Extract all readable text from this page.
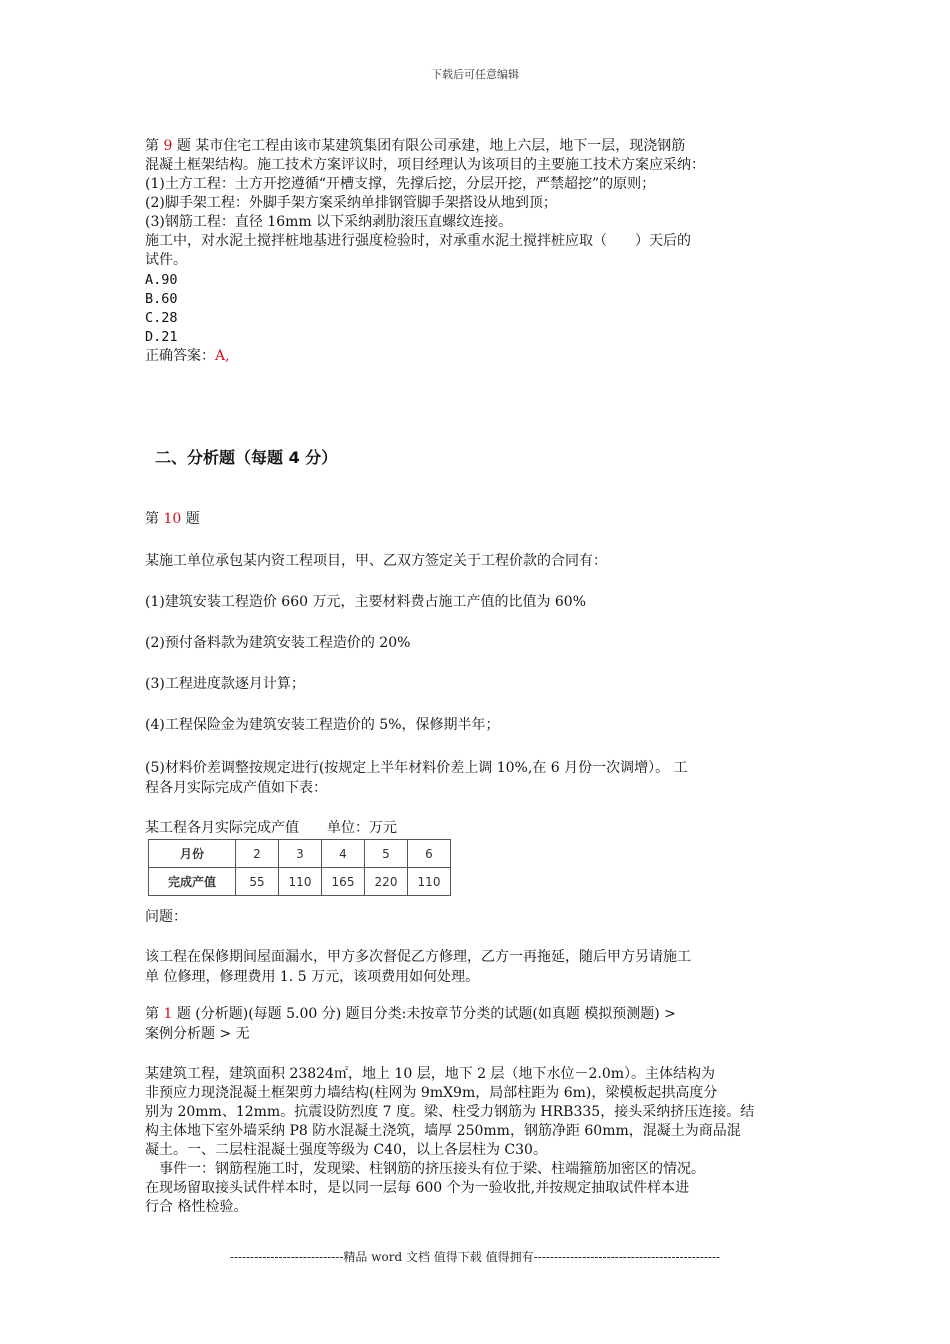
下载后可任意编辑
第 9 题 某市住宅工程由该市某建筑集团有限公司承建，地上六层，地下一层，现浇钢筋
混凝土框架结构。施工技术方案评议时，项目经理认为该项目的主要施工技术方案应采纳：
(1)土方工程：土方开挖遵循“开槽支撑，先撑后挖，分层开挖，严禁超挖”的原则；
(2)脚手架工程：外脚手架方案采纳单排钢管脚手架搭设从地到顶；
(3)钢筋工程：直径 16mm 以下采纳剥肋滚压直螺纹连接。
施工中，对水泥土搅拌桩地基进行强度检验时，对承重水泥土搅拌桩应取（　　）天后的
试件。
A.90
B.60
C.28
D.21
正确答案：A,
二、分析题（每题 4 分）
第 10 题
某施工单位承包某内资工程项目，甲、乙双方签定关于工程价款的合同有：
(1)建筑安装工程造价 660 万元，主要材料费占施工产值的比值为 60%
(2)预付备料款为建筑安装工程造价的 20%
(3)工程进度款逐月计算；
(4)工程保险金为建筑安装工程造价的 5%，保修期半年；
(5)材料价差调整按规定进行(按规定上半年材料价差上调 10%,在 6 月份一次调增）。 工
程各月实际完成产值如下表：
某工程各月实际完成产值　　单位：万元
月份	2	3	4	5	6
完成产值	55	110	165	220	110
问题：
该工程在保修期间屋面漏水，甲方多次督促乙方修理，乙方一再拖延，随后甲方另请施工
单 位修理，修理费用 1. 5 万元，该项费用如何处理。
第 1 题 (分析题)(每题 5.00 分) 题目分类:未按章节分类的试题(如真题 模拟预测题) >
案例分析题 > 无
某建筑工程，建筑面积 23824㎡，地上 10 层，地下 2 层（地下水位－2.0m）。主体结构为
非预应力现浇混凝土框架剪力墙结构(柱网为 9mX9m，局部柱距为 6m)，梁模板起拱高度分
别为 20mm、12mm。抗震设防烈度 7 度。梁、柱受力钢筋为 HRB335，接头采纳挤压连接。结
构主体地下室外墙采纳 P8 防水混凝土浇筑，墙厚 250mm，钢筋净距 60mm，混凝土为商品混
凝土。一、二层柱混凝土强度等级为 C40，以上各层柱为 C30。
　事件一：钢筋程施工时，发现梁、柱钢筋的挤压接头有位于梁、柱端箍筋加密区的情况。
在现场留取接头试件样本时，是以同一层每 600 个为一验收批,并按规定抽取试件样本进
行合 格性检验。
----------------------------精品 word 文档 值得下载 值得拥有----------------------------------------------
